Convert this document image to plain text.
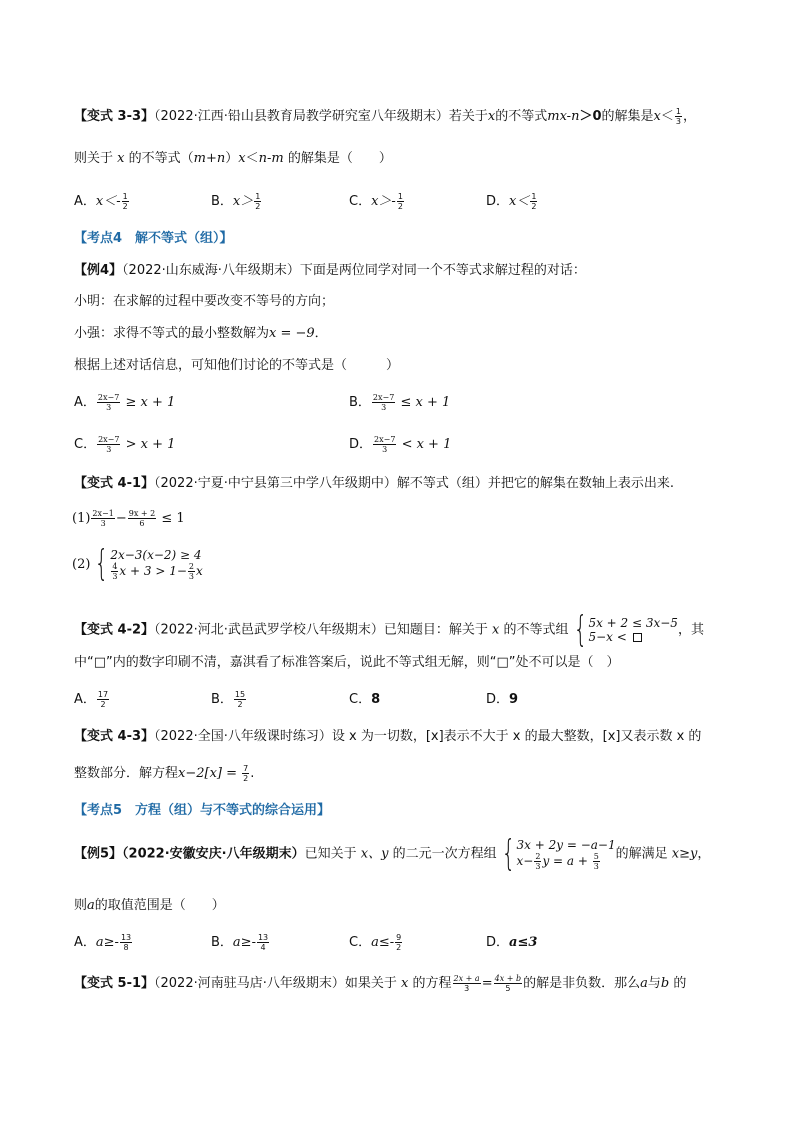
【变式 3-3】（2022·江西·铅山县教育局教学研究室八年级期末）若关于x的不等式mx-n＞0的解集是$x< \frac{1}{3}$ ，
则关于 x 的不等式（m+n）x＜n-m 的解集是（　　）
A．$x<- \frac{1}{2}$	B．$x> \frac{1}{2}$	C．$x>- \frac{1}{2}$	D．$x< \frac{1}{2}$
【考点4　解不等式（组）】
【例4】（2022·山东威海·八年级期末）下面是两位同学对同一个不等式求解过程的对话：
小明：在求解的过程中要改变不等号的方向；
小强：求得不等式的最小整数解为x = −9．
根据上述对话信息，可知他们讨论的不等式是（　　　）
A． $\frac{2x-7}{3} \ge x + 1$	B． $\frac{2x-7}{3} \le x + 1$
C． $\frac{2x-7}{3} > x + 1$	D． $\frac{2x-7}{3} < x + 1$
【变式 4-1】（2022·宁夏·中宁县第三中学八年级期中）解不等式（组）并把它的解集在数轴上表示出来.
$(1) \frac{2x-1}{3} - \frac{9x + 2}{6} \le 1$
(2) { 2x−3(x−2) ≥ 4
$\frac{4}{3}$ $x + 3 > 1- \frac{2}{3}$ x
【变式 4-2】（2022·河北·武邑武罗学校八年级期末）已知题目：解关于 x 的不等式组 { 5x + 2 ≤ 3x−5
5−x <	，其
中“□”内的数字印刷不清，嘉淇看了标准答案后，说此不等式组无解，则“□”处不可以是（　）
A． $\frac{17}{2}$	B． $\frac{15}{2}$	C．8	D．9
【变式 4-3】（2022·全国·八年级课时练习）设 x 为一切数，[x]表示不大于 x 的最大整数，[x]又表示数 x 的
整数部分．解方程$x-2[x] = \frac{7}{2}$ .
【考点5　方程（组）与不等式的综合运用】
【例5】（2022·安徽安庆·八年级期末）已知关于 x、y 的二元一次方程组 { 3x + 2y = −a−1
$x- \frac{2}{3}$ $y = a + \frac{5}{3}$ 的解满足 x≥y，
则a的取值范围是（　　）
A．$a\ge- \frac{13}{8}$	B．$a\ge- \frac{13}{4}$	C．$a\le- \frac{9}{2}$	D．a≤3
【变式 5-1】（2022·河南驻马店·八年级期末）如果关于 x 的方程 $\frac{2x + a}{3} = \frac{4x + b}{5}$ 的解是非负数．那么a与b 的
